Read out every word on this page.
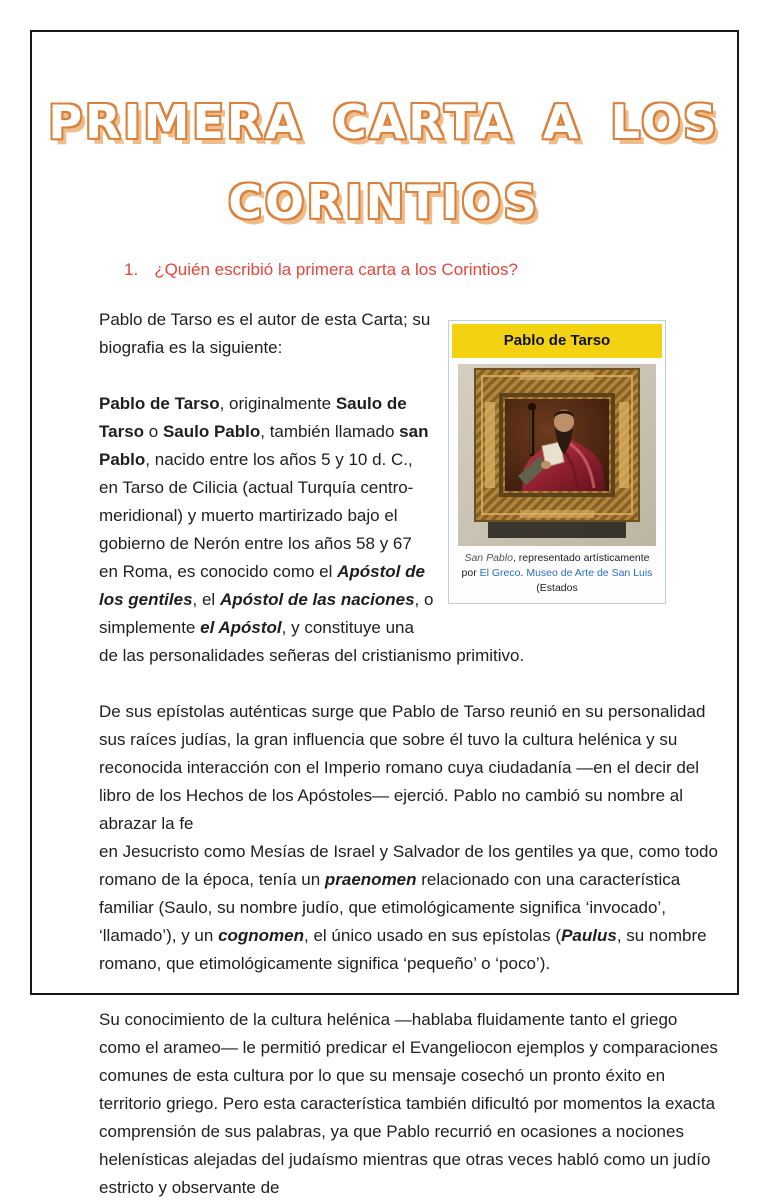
PRIMERA CARTA A LOS
CORINTIOS
1. ¿Quién escribió la primera carta a los Corintios?
Pablo de Tarso
San Pablo, representado artísticamente
por El Greco. Museo de Arte de San Luis (Estados

Pablo de Tarso es el autor de esta Carta; su biografia es la siguiente:

Pablo de Tarso, originalmente Saulo de Tarso o Saulo Pablo, también llamado san Pablo, nacido entre los años 5 y 10 d. C.,
en Tarso de Cilicia (actual Turquía centro-meridional) y muerto martirizado bajo el gobierno de Nerón entre los años 58 y 67 en Roma, es conocido como el Apóstol de los gentiles, el Apóstol de las naciones, o simplemente el Apóstol, y constituye una de las personalidades señeras del cristianismo primitivo.

De sus epístolas auténticas surge que Pablo de Tarso reunió en su personalidad sus raíces judías, la gran influencia que sobre él tuvo la cultura helénica y su reconocida interacción con el Imperio romano cuya ciudadanía —en el decir del libro de los Hechos de los Apóstoles— ejerció. Pablo no cambió su nombre al abrazar la fe
en Jesucristo como Mesías de Israel y Salvador de los gentiles ya que, como todo romano de la época, tenía un praenomen relacionado con una característica familiar (Saulo, su nombre judío, que etimológicamente significa ‘invocado’, ‘llamado’), y un cognomen, el único usado en sus epístolas (Paulus, su nombre romano, que etimológicamente significa ‘pequeño’ o ‘poco’).

Su conocimiento de la cultura helénica —hablaba fluidamente tanto el griego como el arameo— le permitió predicar el Evangeliocon ejemplos y comparaciones comunes de esta cultura por lo que su mensaje cosechó un pronto éxito en territorio griego. Pero esta característica también dificultó por momentos la exacta comprensión de sus palabras, ya que Pablo recurrió en ocasiones a nociones helenísticas alejadas del judaísmo mientras que otras veces habló como un judío estricto y observante de
